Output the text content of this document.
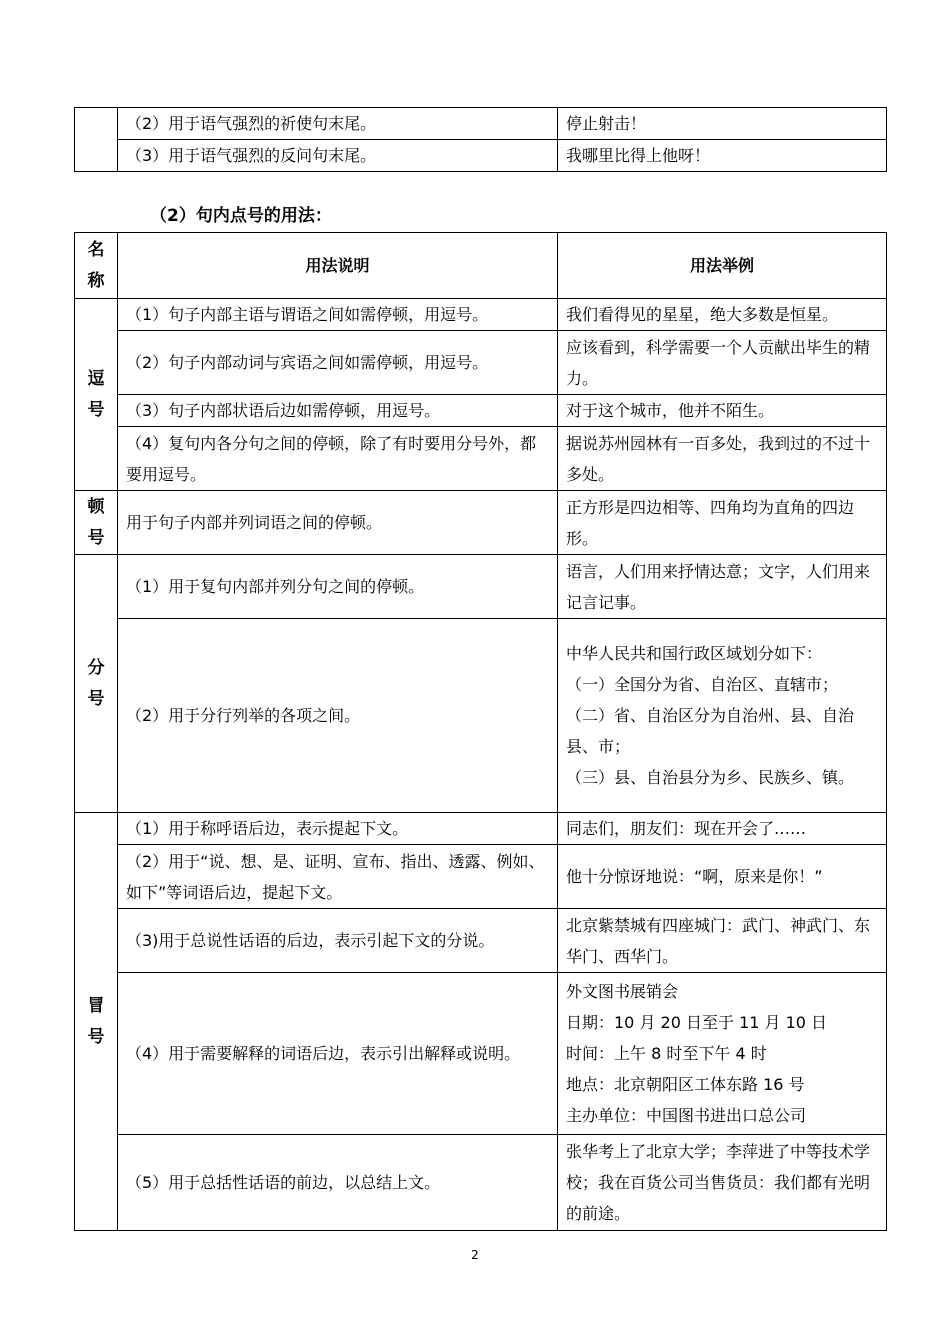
	（2）用于语气强烈的祈使句末尾。	停止射击！
	（3）用于语气强烈的反问句末尾。	我哪里比得上他呀！
（2）句内点号的用法：
名称	用法说明	用法举例
逗号	（1）句子内部主语与谓语之间如需停顿，用逗号。	我们看得见的星星，绝大多数是恒星。
	（2）句子内部动词与宾语之间如需停顿，用逗号。	应该看到，科学需要一个人贡献出毕生的精力。
	（3）句子内部状语后边如需停顿，用逗号。	对于这个城市，他并不陌生。
	（4）复句内各分句之间的停顿，除了有时要用分号外，都要用逗号。	据说苏州园林有一百多处，我到过的不过十多处。
顿号	用于句子内部并列词语之间的停顿。	正方形是四边相等、四角均为直角的四边形。
分号	（1）用于复句内部并列分句之间的停顿。	语言，人们用来抒情达意；文字，人们用来记言记事。
	（2）用于分行列举的各项之间。	中华人民共和国行政区域划分如下：
（一）全国分为省、自治区、直辖市；
（二）省、自治区分为自治州、县、自治县、市；
（三）县、自治县分为乡、民族乡、镇。

冒号	（1）用于称呼语后边，表示提起下文。	同志们，朋友们：现在开会了……
	（2）用于“说、想、是、证明、宣布、指出、透露、例如、如下”等词语后边，提起下文。	他十分惊讶地说：“啊，原来是你！”
	（3)用于总说性话语的后边，表示引起下文的分说。	北京紫禁城有四座城门：武门、神武门、东华门、西华门。
	（4）用于需要解释的词语后边，表示引出解释或说明。	外文图书展销会
日期：10 月 20 日至于 11 月 10 日
时间：上午 8 时至下午 4 时
地点：北京朝阳区工体东路 16 号
主办单位：中国图书进出口总公司

	（5）用于总括性话语的前边，以总结上文。	张华考上了北京大学；李萍进了中等技术学校；我在百货公司当售货员：我们都有光明的前途。
2
